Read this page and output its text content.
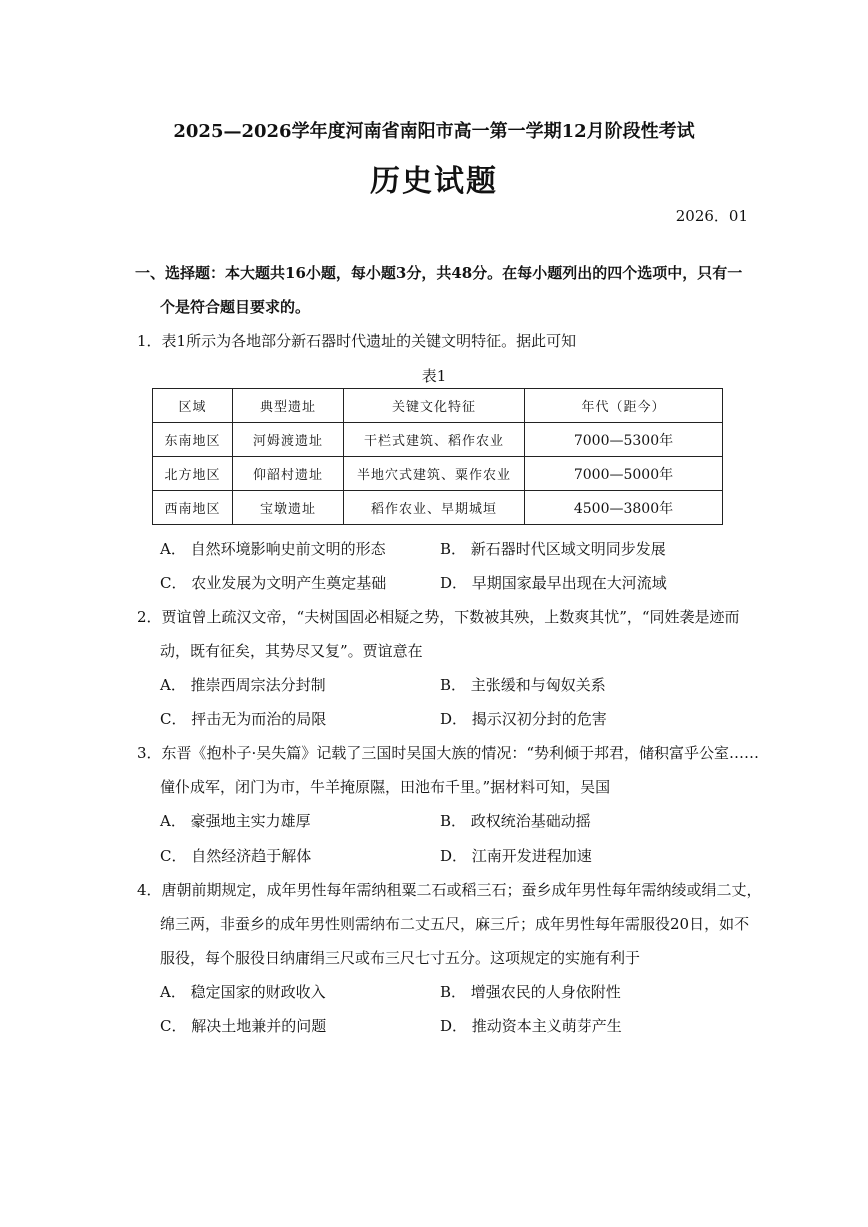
2025—2026学年度河南省南阳市高一第一学期12月阶段性考试
历史试题
2026．01
一、选择题：本大题共16小题，每小题3分，共48分。在每小题列出的四个选项中，只有一
个是符合题目要求的。
1．表1所示为各地部分新石器时代遗址的关键文明特征。据此可知
表1
区域	典型遗址	关键文化特征	年代（距今）
东南地区	河姆渡遗址	干栏式建筑、稻作农业	7000—5300年
北方地区	仰韶村遗址	半地穴式建筑、粟作农业	7000—5000年
西南地区	宝墩遗址	稻作农业、早期城垣	4500—3800年
A． 自然环境影响史前文明的形态	B． 新石器时代区域文明同步发展
C． 农业发展为文明产生奠定基础	D． 早期国家最早出现在大河流域
2．贾谊曾上疏汉文帝，“夫树国固必相疑之势，下数被其殃，上数爽其忧”，“同姓袭是迹而
动，既有征矣，其势尽又复”。贾谊意在
A． 推崇西周宗法分封制	B． 主张缓和与匈奴关系
C． 抨击无为而治的局限	D． 揭示汉初分封的危害
3．东晋《抱朴子·吴失篇》记载了三国时吴国大族的情况：“势利倾于邦君，储积富乎公室……
僮仆成军，闭门为市，牛羊掩原隰，田池布千里。”据材料可知，吴国
A． 豪强地主实力雄厚	B． 政权统治基础动摇
C． 自然经济趋于解体	D． 江南开发进程加速
4．唐朝前期规定，成年男性每年需纳租粟二石或稻三石；蚕乡成年男性每年需纳绫或绢二丈，
绵三两，非蚕乡的成年男性则需纳布二丈五尺，麻三斤；成年男性每年需服役20日，如不
服役，每个服役日纳庸绢三尺或布三尺七寸五分。这项规定的实施有利于
A． 稳定国家的财政收入	B． 增强农民的人身依附性
C． 解决土地兼并的问题	D． 推动资本主义萌芽产生
